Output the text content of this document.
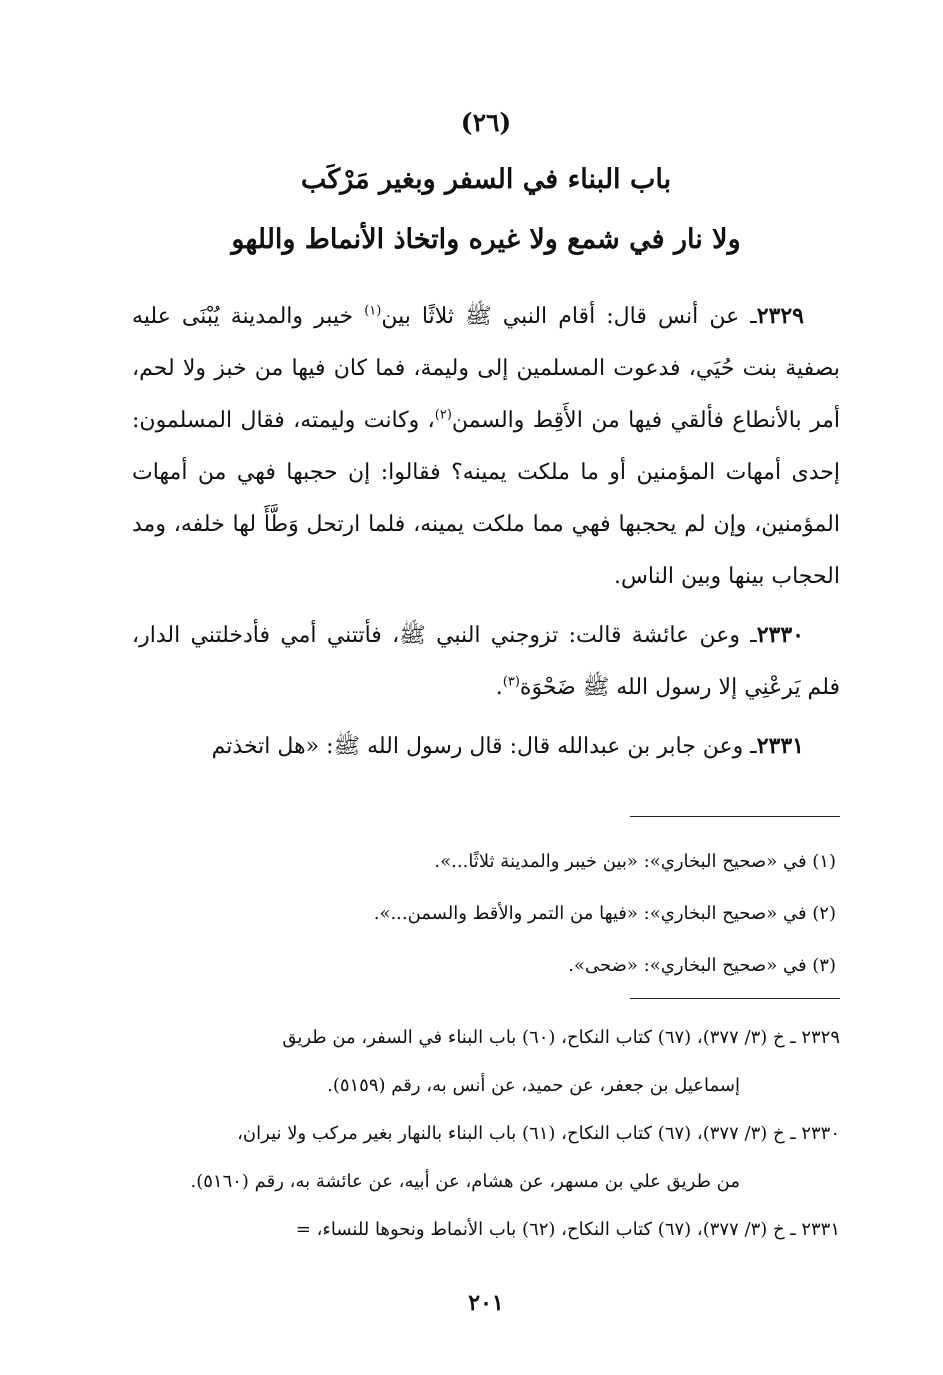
(٢٦)
باب البناء في السفر وبغير مَرْكَب
ولا نار في شمع ولا غيره واتخاذ الأنماط واللهو

٢٣٢٩ـ عن أنس قال: أقام النبي ﷺ ثلاثًا بين$^{(١)}$ خيبر والمدينة يُبْنَى عليه بصفية بنت حُيَي، فدعوت المسلمين إلى وليمة، فما كان فيها من خبز ولا لحم، أمر بالأنطاع فألقي فيها من الأَقِط والسمن$^{(٢)}$، وكانت وليمته، فقال المسلمون: إحدى أمهات المؤمنين أو ما ملكت يمينه؟ فقالوا: إن حجبها فهي من أمهات المؤمنين، وإن لم يحجبها فهي مما ملكت يمينه، فلما ارتحل وَطَّأَ لها خلفه، ومد الحجاب بينها وبين الناس.

٢٣٣٠ـ وعن عائشة قالت: تزوجني النبي ﷺ، فأتتني أمي فأدخلتني الدار، فلم يَرعْنِي إلا رسول الله ﷺ ضَحْوَة$^{(٣)}$.

٢٣٣١ـ وعن جابر بن عبدالله قال: قال رسول الله ﷺ: «هل اتخذتم

(١) في «صحيح البخاري»: «بين خيبر والمدينة ثلاثًا...».
(٢) في «صحيح البخاري»: «فيها من التمر والأقط والسمن...».
(٣) في «صحيح البخاري»: «ضحى».

٢٣٢٩ ـ خ (٣/ ٣٧٧)، (٦٧) كتاب النكاح، (٦٠) باب البناء في السفر، من طريق

إسماعيل بن جعفر، عن حميد، عن أنس به، رقم (٥١٥٩).

٢٣٣٠ ـ خ (٣/ ٣٧٧)، (٦٧) كتاب النكاح، (٦١) باب البناء بالنهار بغير مركب ولا نيران،

من طريق علي بن مسهر، عن هشام، عن أبيه، عن عائشة به، رقم (٥١٦٠).

٢٣٣١ ـ خ (٣/ ٣٧٧)، (٦٧) كتاب النكاح، (٦٢) باب الأنماط ونحوها للنساء، =

٢٠١
